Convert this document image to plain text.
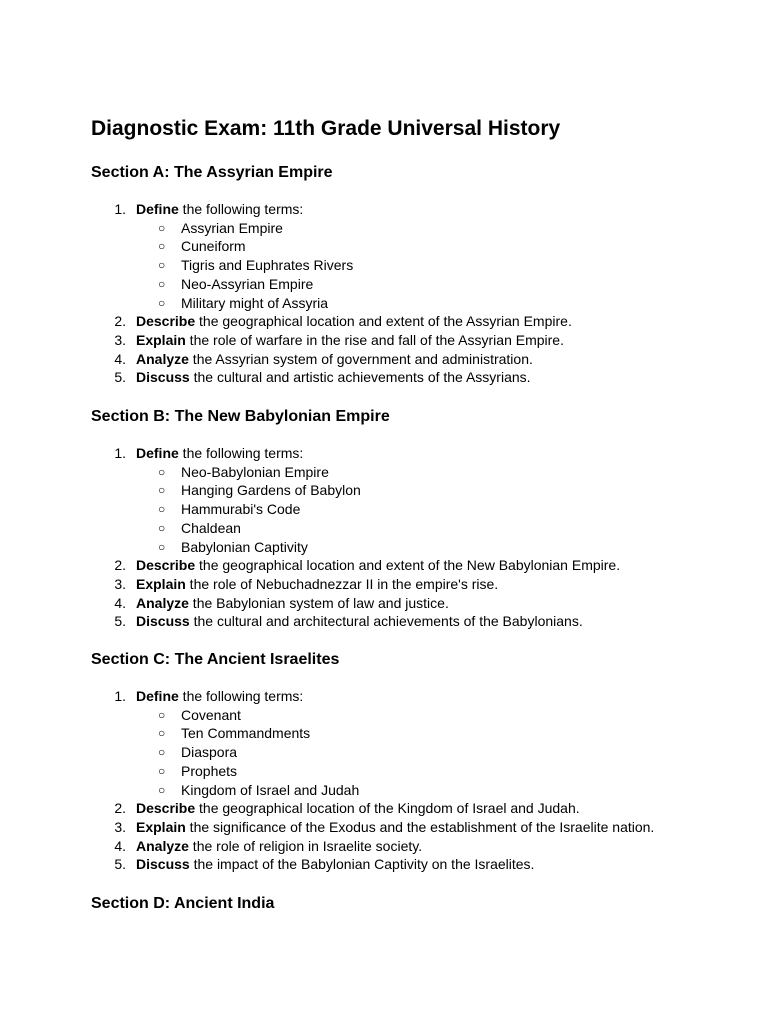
Diagnostic Exam: 11th Grade Universal History
Section A: The Assyrian Empire
1. Define the following terms:
○ Assyrian Empire
○ Cuneiform
○ Tigris and Euphrates Rivers
○ Neo-Assyrian Empire
○ Military might of Assyria
2. Describe the geographical location and extent of the Assyrian Empire.
3. Explain the role of warfare in the rise and fall of the Assyrian Empire.
4. Analyze the Assyrian system of government and administration.
5. Discuss the cultural and artistic achievements of the Assyrians.
Section B: The New Babylonian Empire
1. Define the following terms:
○ Neo-Babylonian Empire
○ Hanging Gardens of Babylon
○ Hammurabi's Code
○ Chaldean
○ Babylonian Captivity
2. Describe the geographical location and extent of the New Babylonian Empire.
3. Explain the role of Nebuchadnezzar II in the empire's rise.
4. Analyze the Babylonian system of law and justice.
5. Discuss the cultural and architectural achievements of the Babylonians.
Section C: The Ancient Israelites
1. Define the following terms:
○ Covenant
○ Ten Commandments
○ Diaspora
○ Prophets
○ Kingdom of Israel and Judah
2. Describe the geographical location of the Kingdom of Israel and Judah.
3. Explain the significance of the Exodus and the establishment of the Israelite nation.
4. Analyze the role of religion in Israelite society.
5. Discuss the impact of the Babylonian Captivity on the Israelites.
Section D: Ancient India
